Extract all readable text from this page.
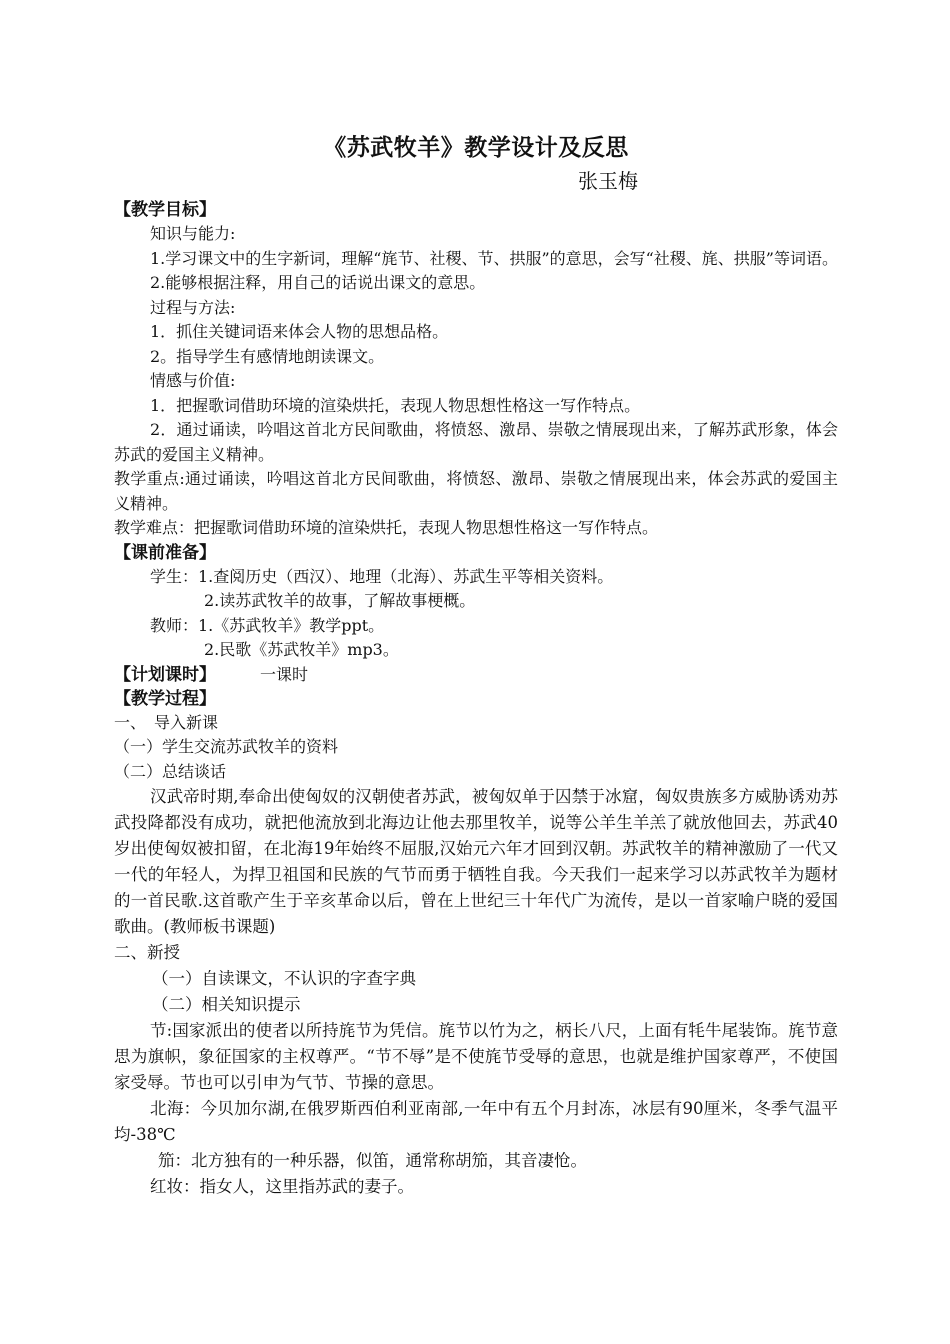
《苏武牧羊》教学设计及反思

张玉梅

【教学目标】

知识与能力:

1.学习课文中的生字新词，理解“旄节、社稷、节、拱服”的意思，会写“社稷、旄、拱服”等词语。

2.能够根据注释，用自己的话说出课文的意思。

过程与方法:

1．抓住关键词语来体会人物的思想品格。

2。指导学生有感情地朗读课文。

情感与价值:

1．把握歌词借助环境的渲染烘托，表现人物思想性格这一写作特点。

2．通过诵读，吟唱这首北方民间歌曲，将愤怒、激昂、崇敬之情展现出来，了解苏武形象，体会苏武的爱国主义精神。

教学重点:通过诵读，吟唱这首北方民间歌曲，将愤怒、激昂、崇敬之情展现出来，体会苏武的爱国主义精神。

教学难点：把握歌词借助环境的渲染烘托，表现人物思想性格这一写作特点。

【课前准备】

学生：1.查阅历史（西汉）、地理（北海）、苏武生平等相关资料。

2.读苏武牧羊的故事，了解故事梗概。

教师：1.《苏武牧羊》教学ppt。

2.民歌《苏武牧羊》mp3。

【计划课时】	一课时

【教学过程】

一、　导入新课

（一）学生交流苏武牧羊的资料

（二）总结谈话

汉武帝时期,奉命出使匈奴的汉朝使者苏武，被匈奴单于囚禁于冰窟，匈奴贵族多方威胁诱劝苏武投降都没有成功，就把他流放到北海边让他去那里牧羊，说等公羊生羊羔了就放他回去，苏武40岁出使匈奴被扣留，在北海19年始终不屈服,汉始元六年才回到汉朝。苏武牧羊的精神激励了一代又一代的年轻人，为捍卫祖国和民族的气节而勇于牺牲自我。今天我们一起来学习以苏武牧羊为题材的一首民歌.这首歌产生于辛亥革命以后，曾在上世纪三十年代广为流传，是以一首家喻户晓的爱国歌曲。(教师板书课题)

二、新授

（一）自读课文，不认识的字查字典

（二）相关知识提示

节:国家派出的使者以所持旄节为凭信。旄节以竹为之，柄长八尺，上面有牦牛尾装饰。旄节意思为旗帜，象征国家的主权尊严。“节不辱”是不使旄节受辱的意思，也就是维护国家尊严，不使国家受辱。节也可以引申为气节、节操的意思。

北海：今贝加尔湖,在俄罗斯西伯利亚南部,一年中有五个月封冻，冰层有90厘米，冬季气温平均-38℃

笳：北方独有的一种乐器，似笛，通常称胡笳，其音凄怆。

红妆：指女人，这里指苏武的妻子。
